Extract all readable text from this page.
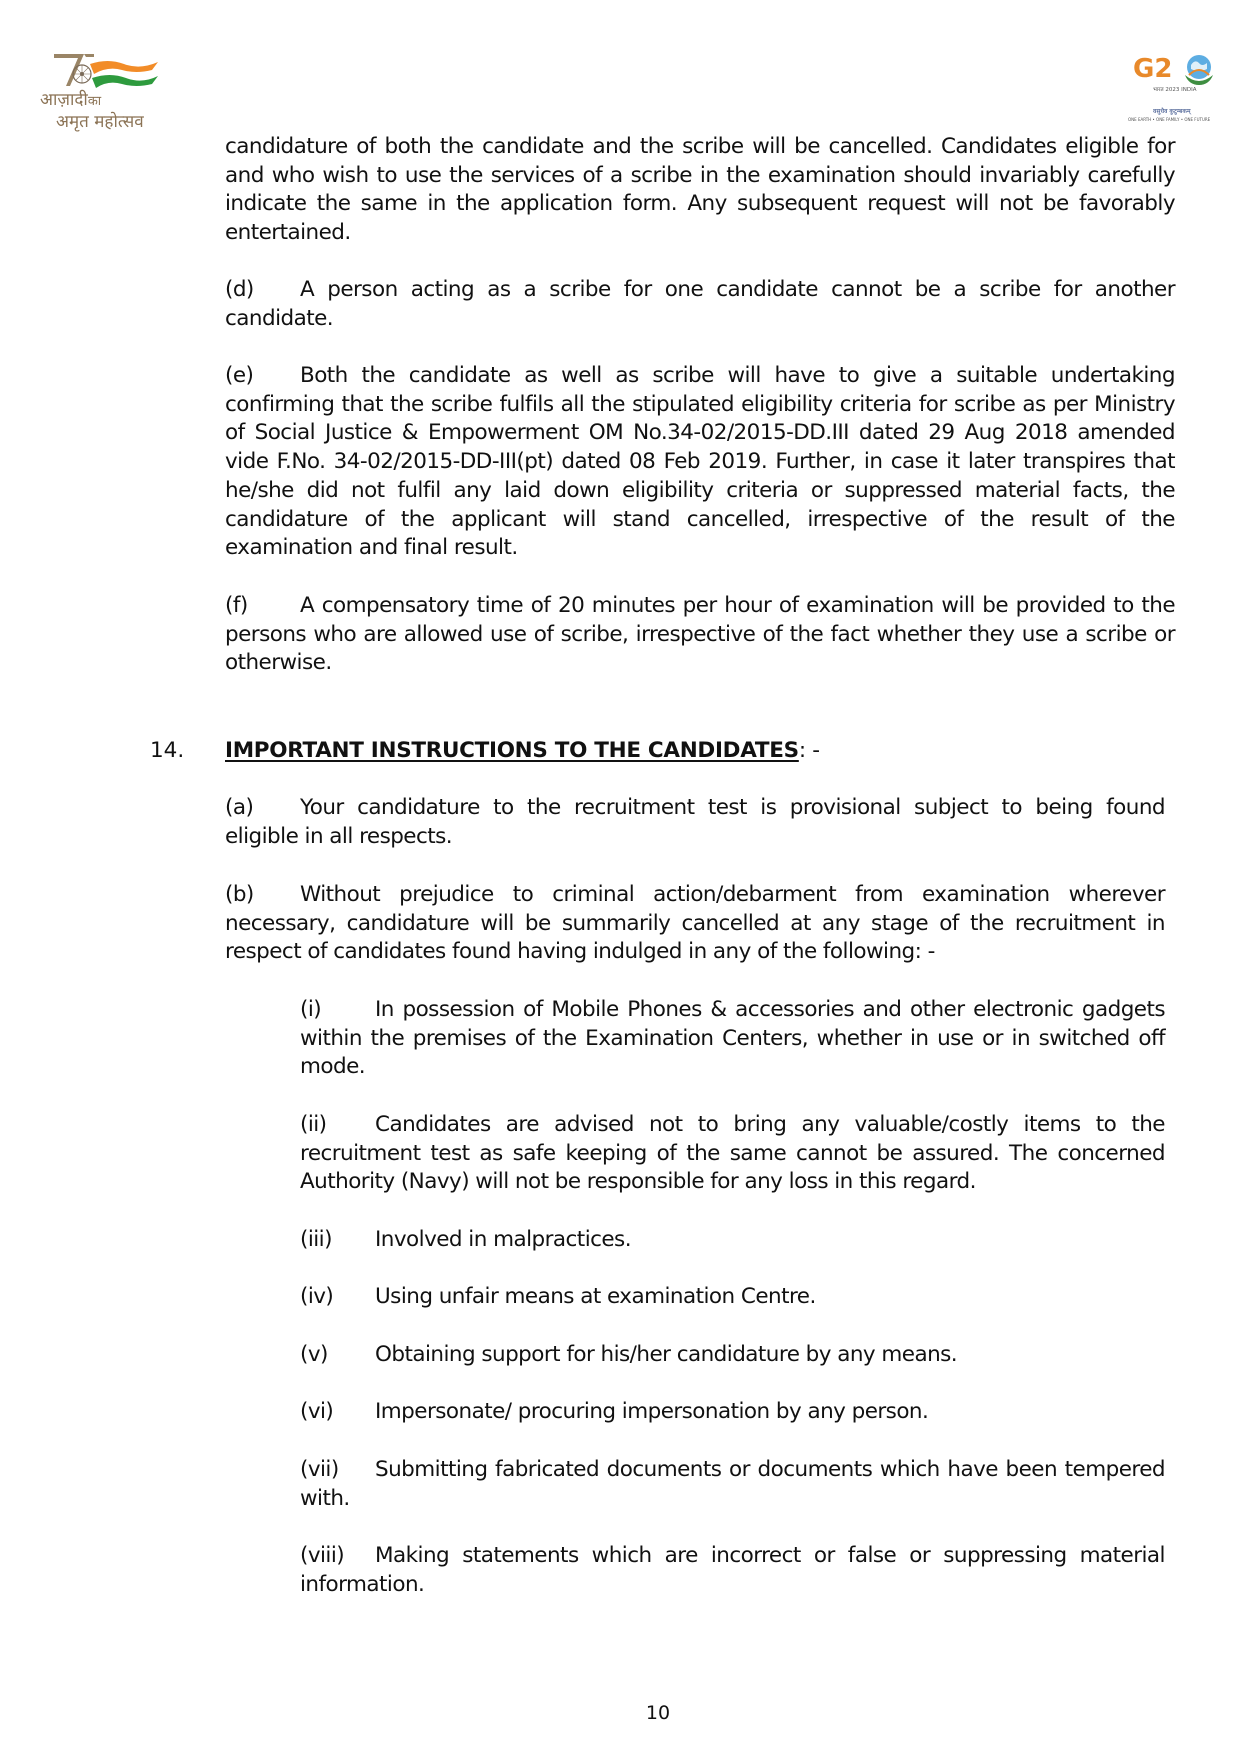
आज़ादीका
अमृत महोत्सव
G2
भारत 2023 INDIA
वसुधैव कुटुम्बकम्
ONE EARTH • ONE FAMILY • ONE FUTURE
candidature of both the candidate and the scribe will be cancelled. Candidates eligible for and who wish to use the services of a scribe in the examination should invariably carefully indicate the same in the application form. Any subsequent request will not be favorably entertained.
(d) A person acting as a scribe for one candidate cannot be a scribe for another candidate.
(e) Both the candidate as well as scribe will have to give a suitable undertaking confirming that the scribe fulfils all the stipulated eligibility criteria for scribe as per Ministry of Social Justice & Empowerment OM No.34-02/2015-DD.III dated 29 Aug 2018 amended vide F.No. 34-02/2015-DD-III(pt) dated 08 Feb 2019. Further, in case it later transpires that he/she did not fulfil any laid down eligibility criteria or suppressed material facts, the candidature of the applicant will stand cancelled, irrespective of the result of the examination and final result.
(f) A compensatory time of 20 minutes per hour of examination will be provided to the persons who are allowed use of scribe, irrespective of the fact whether they use a scribe or otherwise.
14. IMPORTANT INSTRUCTIONS TO THE CANDIDATES: -
(a) Your candidature to the recruitment test is provisional subject to being found eligible in all respects.
(b) Without prejudice to criminal action/debarment from examination wherever necessary, candidature will be summarily cancelled at any stage of the recruitment in respect of candidates found having indulged in any of the following: -
(i)	In possession of Mobile Phones & accessories and other electronic gadgets within the premises of the Examination Centers, whether in use or in switched off mode.
(ii) Candidates are advised not to bring any valuable/costly items to the recruitment test as safe keeping of the same cannot be assured. The concerned Authority (Navy) will not be responsible for any loss in this regard.
(iii) Involved in malpractices.
(iv) Using unfair means at examination Centre.
(v) Obtaining support for his/her candidature by any means.
(vi) Impersonate/ procuring impersonation by any person.
(vii) Submitting fabricated documents or documents which have been tempered with.
(viii) Making statements which are incorrect or false or suppressing material information.
10
